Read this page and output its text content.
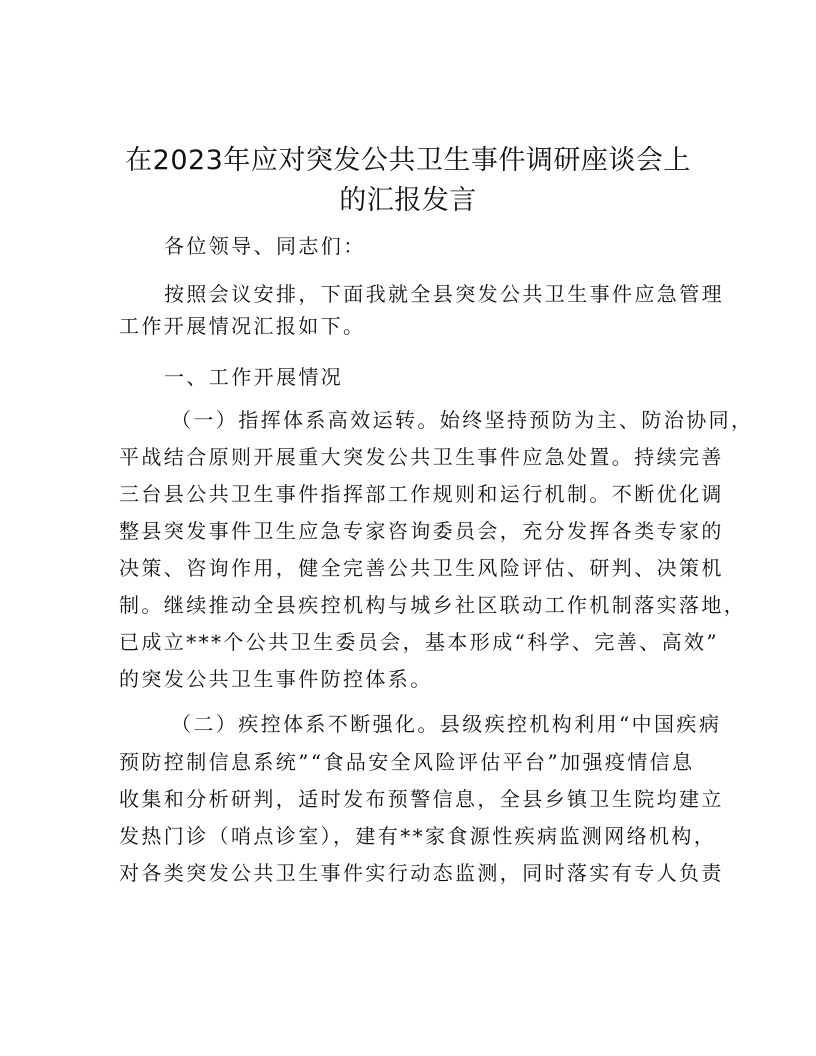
在2023年应对突发公共卫生事件调研座谈会上
的汇报发言

各位领导、同志们：

按照会议安排，下面我就全县突发公共卫生事件应急管理

工作开展情况汇报如下。

一、工作开展情况

（一）指挥体系高效运转。始终坚持预防为主、防治协同，

平战结合原则开展重大突发公共卫生事件应急处置。持续完善

三台县公共卫生事件指挥部工作规则和运行机制。不断优化调

整县突发事件卫生应急专家咨询委员会，充分发挥各类专家的

决策、咨询作用，健全完善公共卫生风险评估、研判、决策机

制。继续推动全县疾控机构与城乡社区联动工作机制落实落地，

已成立***个公共卫生委员会，基本形成“科学、完善、高效”

的突发公共卫生事件防控体系。

（二）疾控体系不断强化。县级疾控机构利用“中国疾病

预防控制信息系统”“食品安全风险评估平台”加强疫情信息

收集和分析研判，适时发布预警信息，全县乡镇卫生院均建立

发热门诊（哨点诊室），建有**家食源性疾病监测网络机构，

对各类突发公共卫生事件实行动态监测，同时落实有专人负责
